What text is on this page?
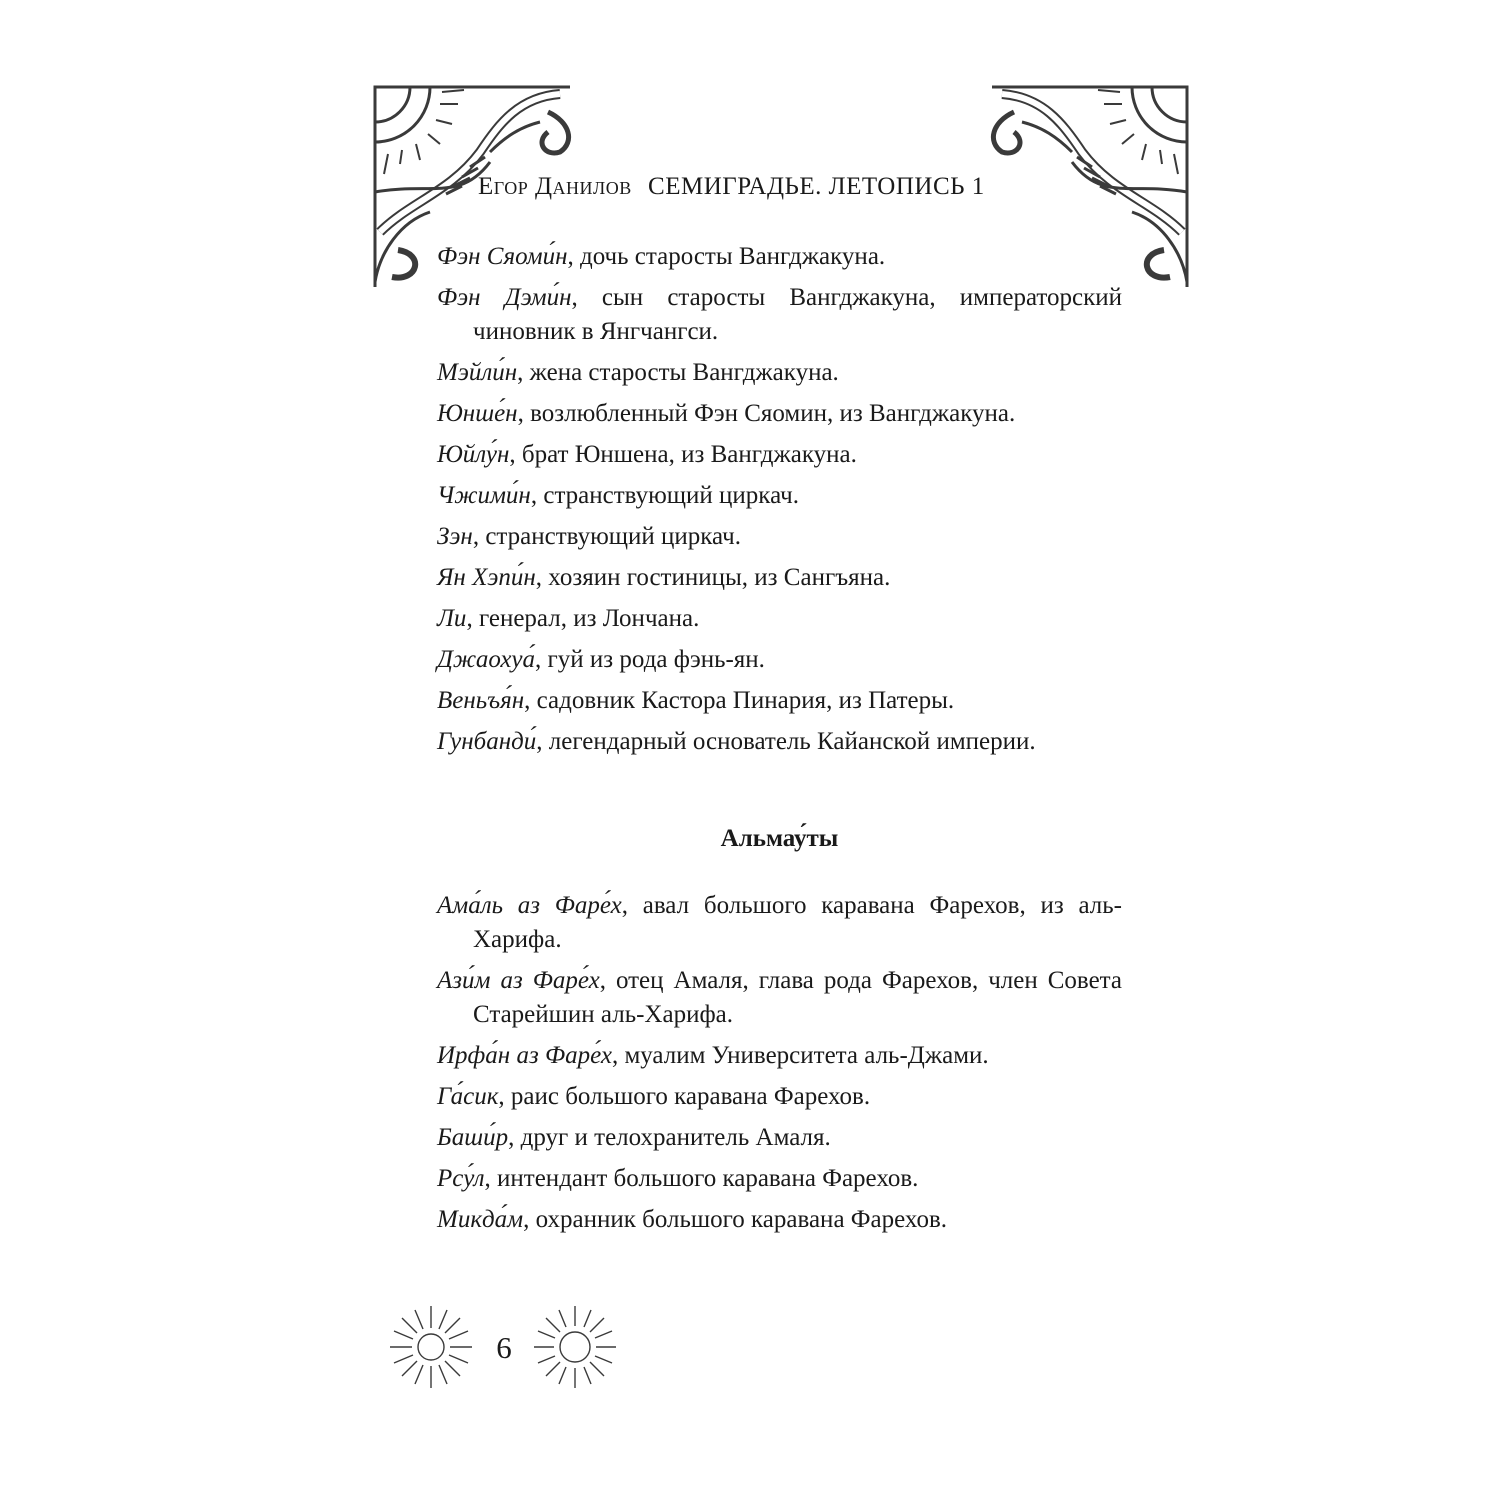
Егор Данилов СЕМИГРАДЬЕ. ЛЕТОПИСЬ 1

Фэн Сяоми́н, дочь старосты Вангджакуна.

Фэн Дэми́н, сын старосты Вангджакуна, императорский чиновник в Янгчангси.

Мэйли́н, жена старосты Вангджакуна.

Юнше́н, возлюбленный Фэн Сяомин, из Вангджакуна.

Юйлу́н, брат Юншена, из Вангджакуна.

Чжими́н, странствующий циркач.

Зэн, странствующий циркач.

Ян Хэпи́н, хозяин гостиницы, из Сангъяна.

Ли, генерал, из Лончана.

Джаохуа́, гуй из рода фэнь-ян.

Веньъя́н, садовник Кастора Пинария, из Патеры.

Гунбанди́, легендарный основатель Кайанской империи.

Альмау́ты

Ама́ль аз Фаре́х, авал большого каравана Фарехов, из аль-Харифа.

Ази́м аз Фаре́х, отец Амаля, глава рода Фарехов, член Совета Старейшин аль-Харифа.

Ирфа́н аз Фаре́х, муалим Университета аль-Джами.

Га́сик, раис большого каравана Фарехов.

Баши́р, друг и телохранитель Амаля.

Рсу́л, интендант большого каравана Фарехов.

Микда́м, охранник большого каравана Фарехов.

6
